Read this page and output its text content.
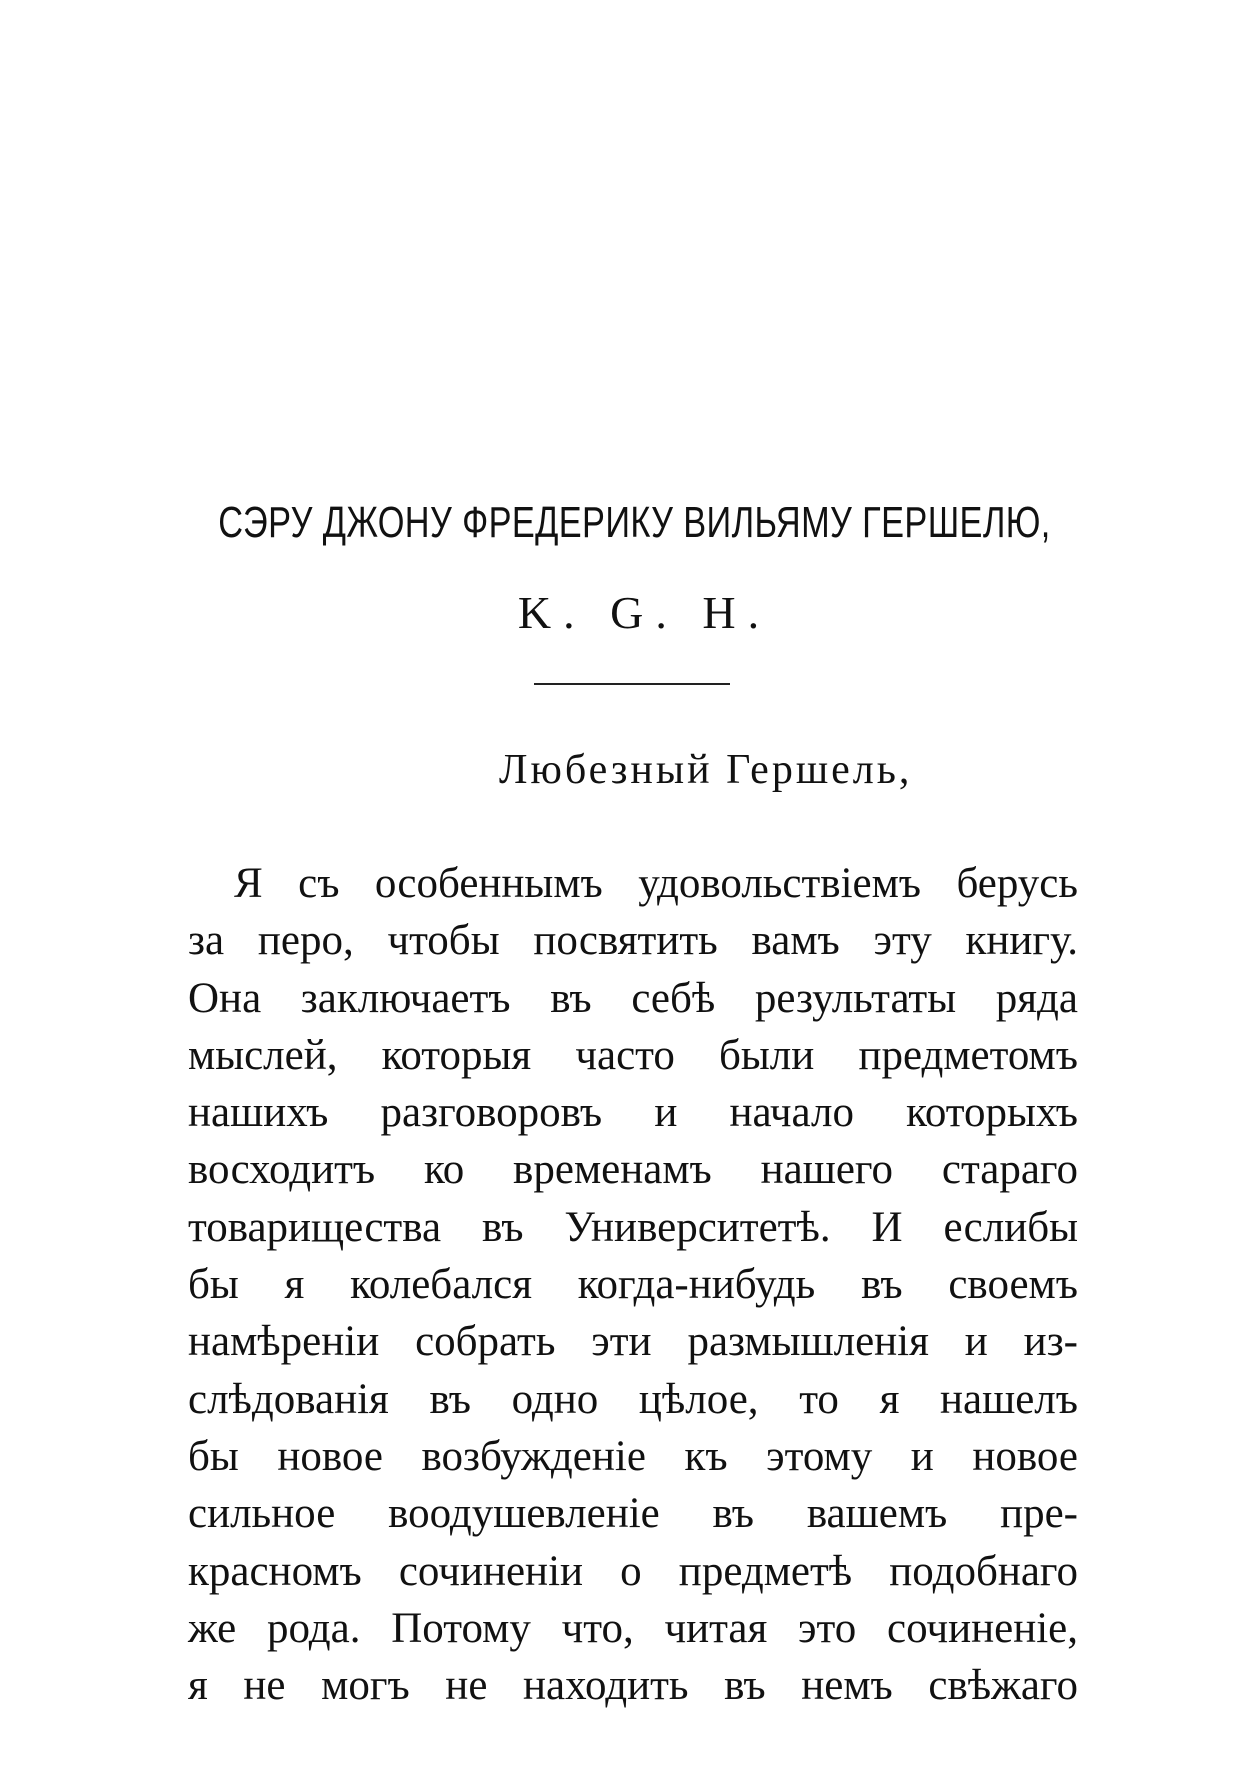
СЭРУ ДЖОНУ ФРЕДЕРИКУ ВИЛЬЯМУ ГЕРШЕЛЮ,
K. G. H.
Любезный Гершель,
Я съ особеннымъ удовольствіемъ берусь
за перо, чтобы посвятить вамъ эту книгу.
Она заключаетъ въ себѣ результаты ряда
мыслей, которыя часто были предметомъ
нашихъ разговоровъ и начало которыхъ
восходитъ ко временамъ нашего стараго
товарищества въ Университетѣ. И еслибы
бы я колебался когда-нибудь въ своемъ
намѣреніи собрать эти размышленія и из-
слѣдованія въ одно цѣлое, то я нашелъ
бы новое возбужденіе къ этому и новое
сильное воодушевленіе въ вашемъ пре-
красномъ сочиненіи о предметѣ подобнаго
же рода. Потому что, читая это сочиненіе,
я не могъ не находить въ немъ свѣжаго
